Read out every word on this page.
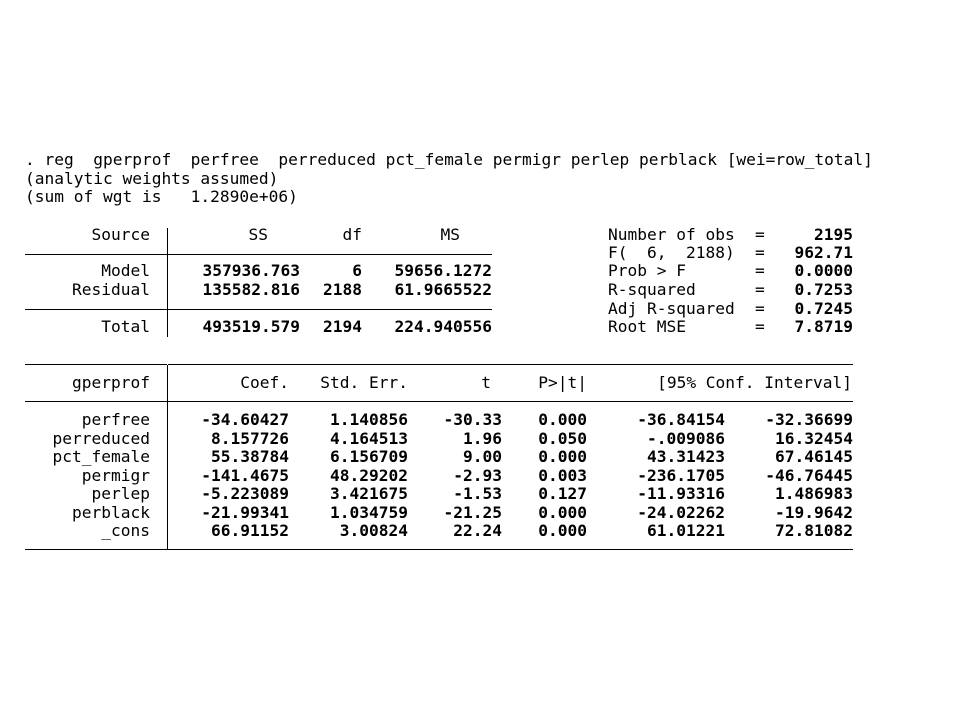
. reg  gperprof  perfree  perreduced pct_female permigr perlep perblack [wei=row_total]
(analytic weights assumed)
(sum of wgt is   1.2890e+06)
Source	SS	df	MS
Model	357936.763	6	59656.1272
Residual	135582.816	2188	61.9665522
Total	493519.579	2194	224.940556
Number of obs =	2195
F(  6,  2188) =	962.71
Prob > F	=	0.0000
R-squared	=	0.7253
Adj R-squared =	0.7245
Root MSE	=	7.8719
gperprof	Coef.	Std. Err.	t	P>|t|	[95% Conf. Interval]
perfree	-34.60427	1.140856	-30.33	0.000	-36.84154	-32.36699
perreduced	8.157726	4.164513	1.96	0.050	-.009086	16.32454
pct_female	55.38784	6.156709	9.00	0.000	43.31423	67.46145
permigr	-141.4675	48.29202	-2.93	0.003	-236.1705	-46.76445
perlep	-5.223089	3.421675	-1.53	0.127	-11.93316	1.486983
perblack	-21.99341	1.034759	-21.25	0.000	-24.02262	-19.9642
_cons	66.91152	3.00824	22.24	0.000	61.01221	72.81082
